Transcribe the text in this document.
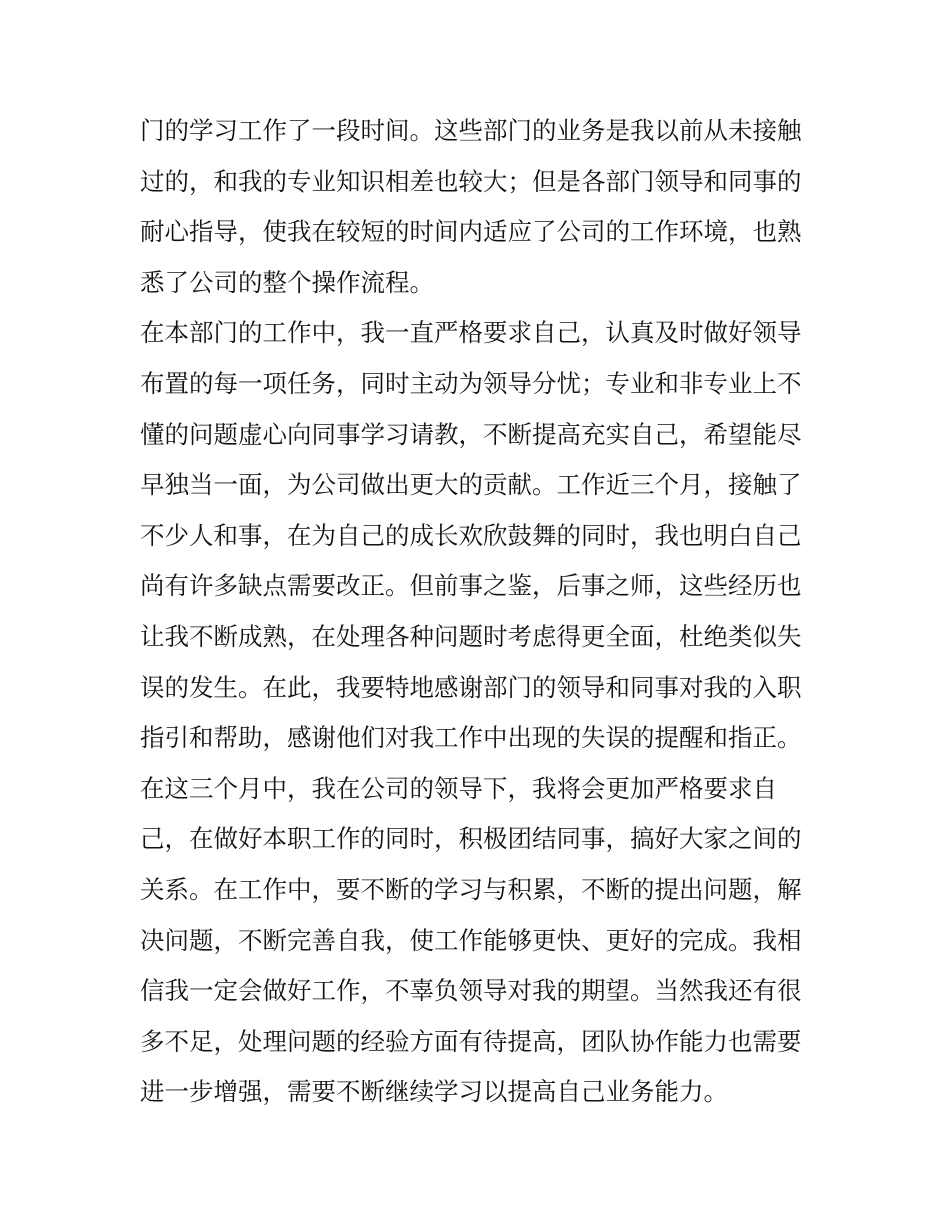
门的学习工作了一段时间。这些部门的业务是我以前从未接触

过的，和我的专业知识相差也较大；但是各部门领导和同事的

耐心指导，使我在较短的时间内适应了公司的工作环境，也熟

悉了公司的整个操作流程。

在本部门的工作中，我一直严格要求自己，认真及时做好领导

布置的每一项任务，同时主动为领导分忧；专业和非专业上不

懂的问题虚心向同事学习请教，不断提高充实自己，希望能尽

早独当一面，为公司做出更大的贡献。工作近三个月，接触了

不少人和事，在为自己的成长欢欣鼓舞的同时，我也明白自己

尚有许多缺点需要改正。但前事之鉴，后事之师，这些经历也

让我不断成熟，在处理各种问题时考虑得更全面，杜绝类似失

误的发生。在此，我要特地感谢部门的领导和同事对我的入职

指引和帮助，感谢他们对我工作中出现的失误的提醒和指正。

在这三个月中，我在公司的领导下，我将会更加严格要求自

己，在做好本职工作的同时，积极团结同事，搞好大家之间的

关系。在工作中，要不断的学习与积累，不断的提出问题，解

决问题，不断完善自我，使工作能够更快、更好的完成。我相

信我一定会做好工作，不辜负领导对我的期望。当然我还有很

多不足，处理问题的经验方面有待提高，团队协作能力也需要

进一步增强，需要不断继续学习以提高自己业务能力。
